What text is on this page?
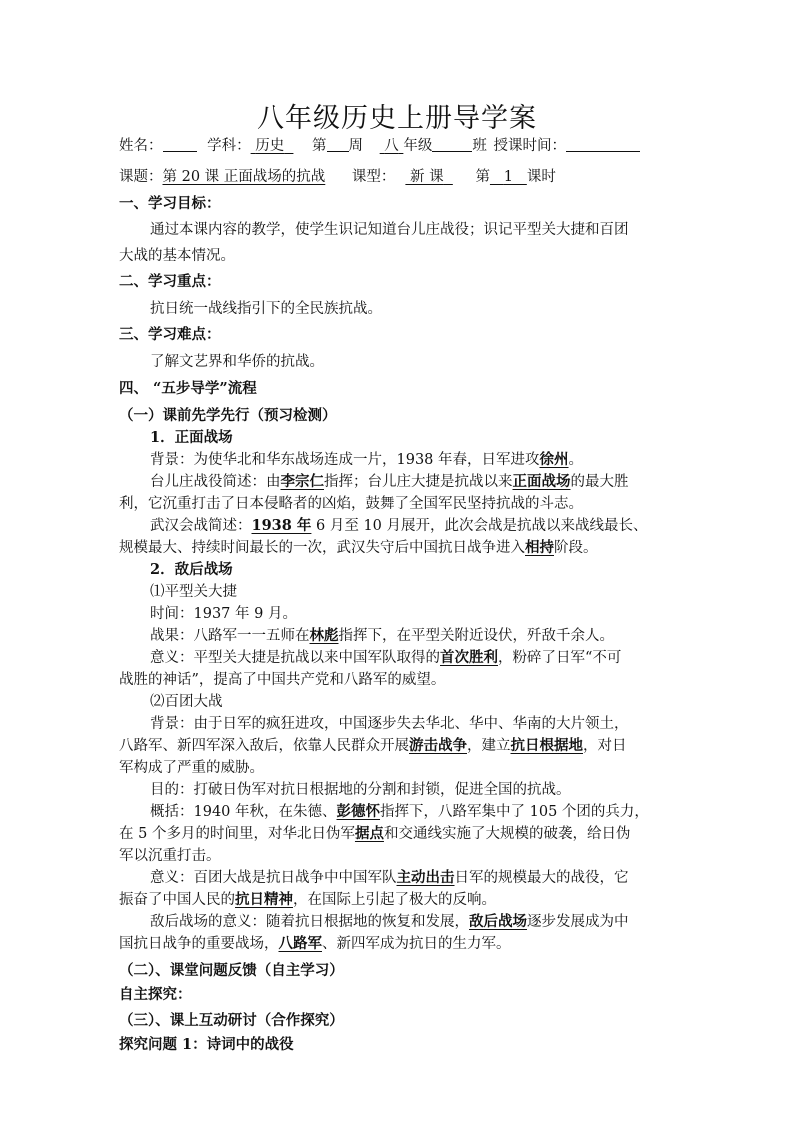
八年级历史上册导学案
姓名：	学科： 历史 第 周 八 年级	班 授课时间：
课题：第 20 课 正面战场的抗战 课型： 新 课 第 1 课时
一、学习目标：
通过本课内容的教学，使学生识记知道台儿庄战役；识记平型关大捷和百团
大战的基本情况。
二、学习重点：
抗日统一战线指引下的全民族抗战。
三、学习难点：
了解文艺界和华侨的抗战。
四、 “五步导学”流程
（一）课前先学先行（预习检测）
1．正面战场
背景：为使华北和华东战场连成一片，1938 年春，日军进攻徐州。
台儿庄战役简述：由李宗仁指挥；台儿庄大捷是抗战以来正面战场的最大胜
利，它沉重打击了日本侵略者的凶焰，鼓舞了全国军民坚持抗战的斗志。
武汉会战简述：1938 年 6 月至 10 月展开，此次会战是抗战以来战线最长、
规模最大、持续时间最长的一次，武汉失守后中国抗日战争进入相持阶段。
2．敌后战场
⑴平型关大捷
时间：1937 年 9 月。
战果：八路军一一五师在林彪指挥下，在平型关附近设伏，歼敌千余人。
意义：平型关大捷是抗战以来中国军队取得的首次胜利，粉碎了日军“不可
战胜的神话”，提高了中国共产党和八路军的威望。
⑵百团大战
背景：由于日军的疯狂进攻，中国逐步失去华北、华中、华南的大片领土，
八路军、新四军深入敌后，依靠人民群众开展游击战争，建立抗日根据地，对日
军构成了严重的威胁。
目的：打破日伪军对抗日根据地的分割和封锁，促进全国的抗战。
概括：1940 年秋，在朱德、彭德怀指挥下，八路军集中了 105 个团的兵力，
在 5 个多月的时间里，对华北日伪军据点和交通线实施了大规模的破袭，给日伪
军以沉重打击。
意义：百团大战是抗日战争中中国军队主动出击日军的规模最大的战役，它
振奋了中国人民的抗日精神，在国际上引起了极大的反响。
敌后战场的意义：随着抗日根据地的恢复和发展，敌后战场逐步发展成为中
国抗日战争的重要战场，八路军、新四军成为抗日的生力军。
（二）、课堂问题反馈（自主学习）
自主探究：
（三）、课上互动研讨（合作探究）
探究问题 1：诗词中的战役
